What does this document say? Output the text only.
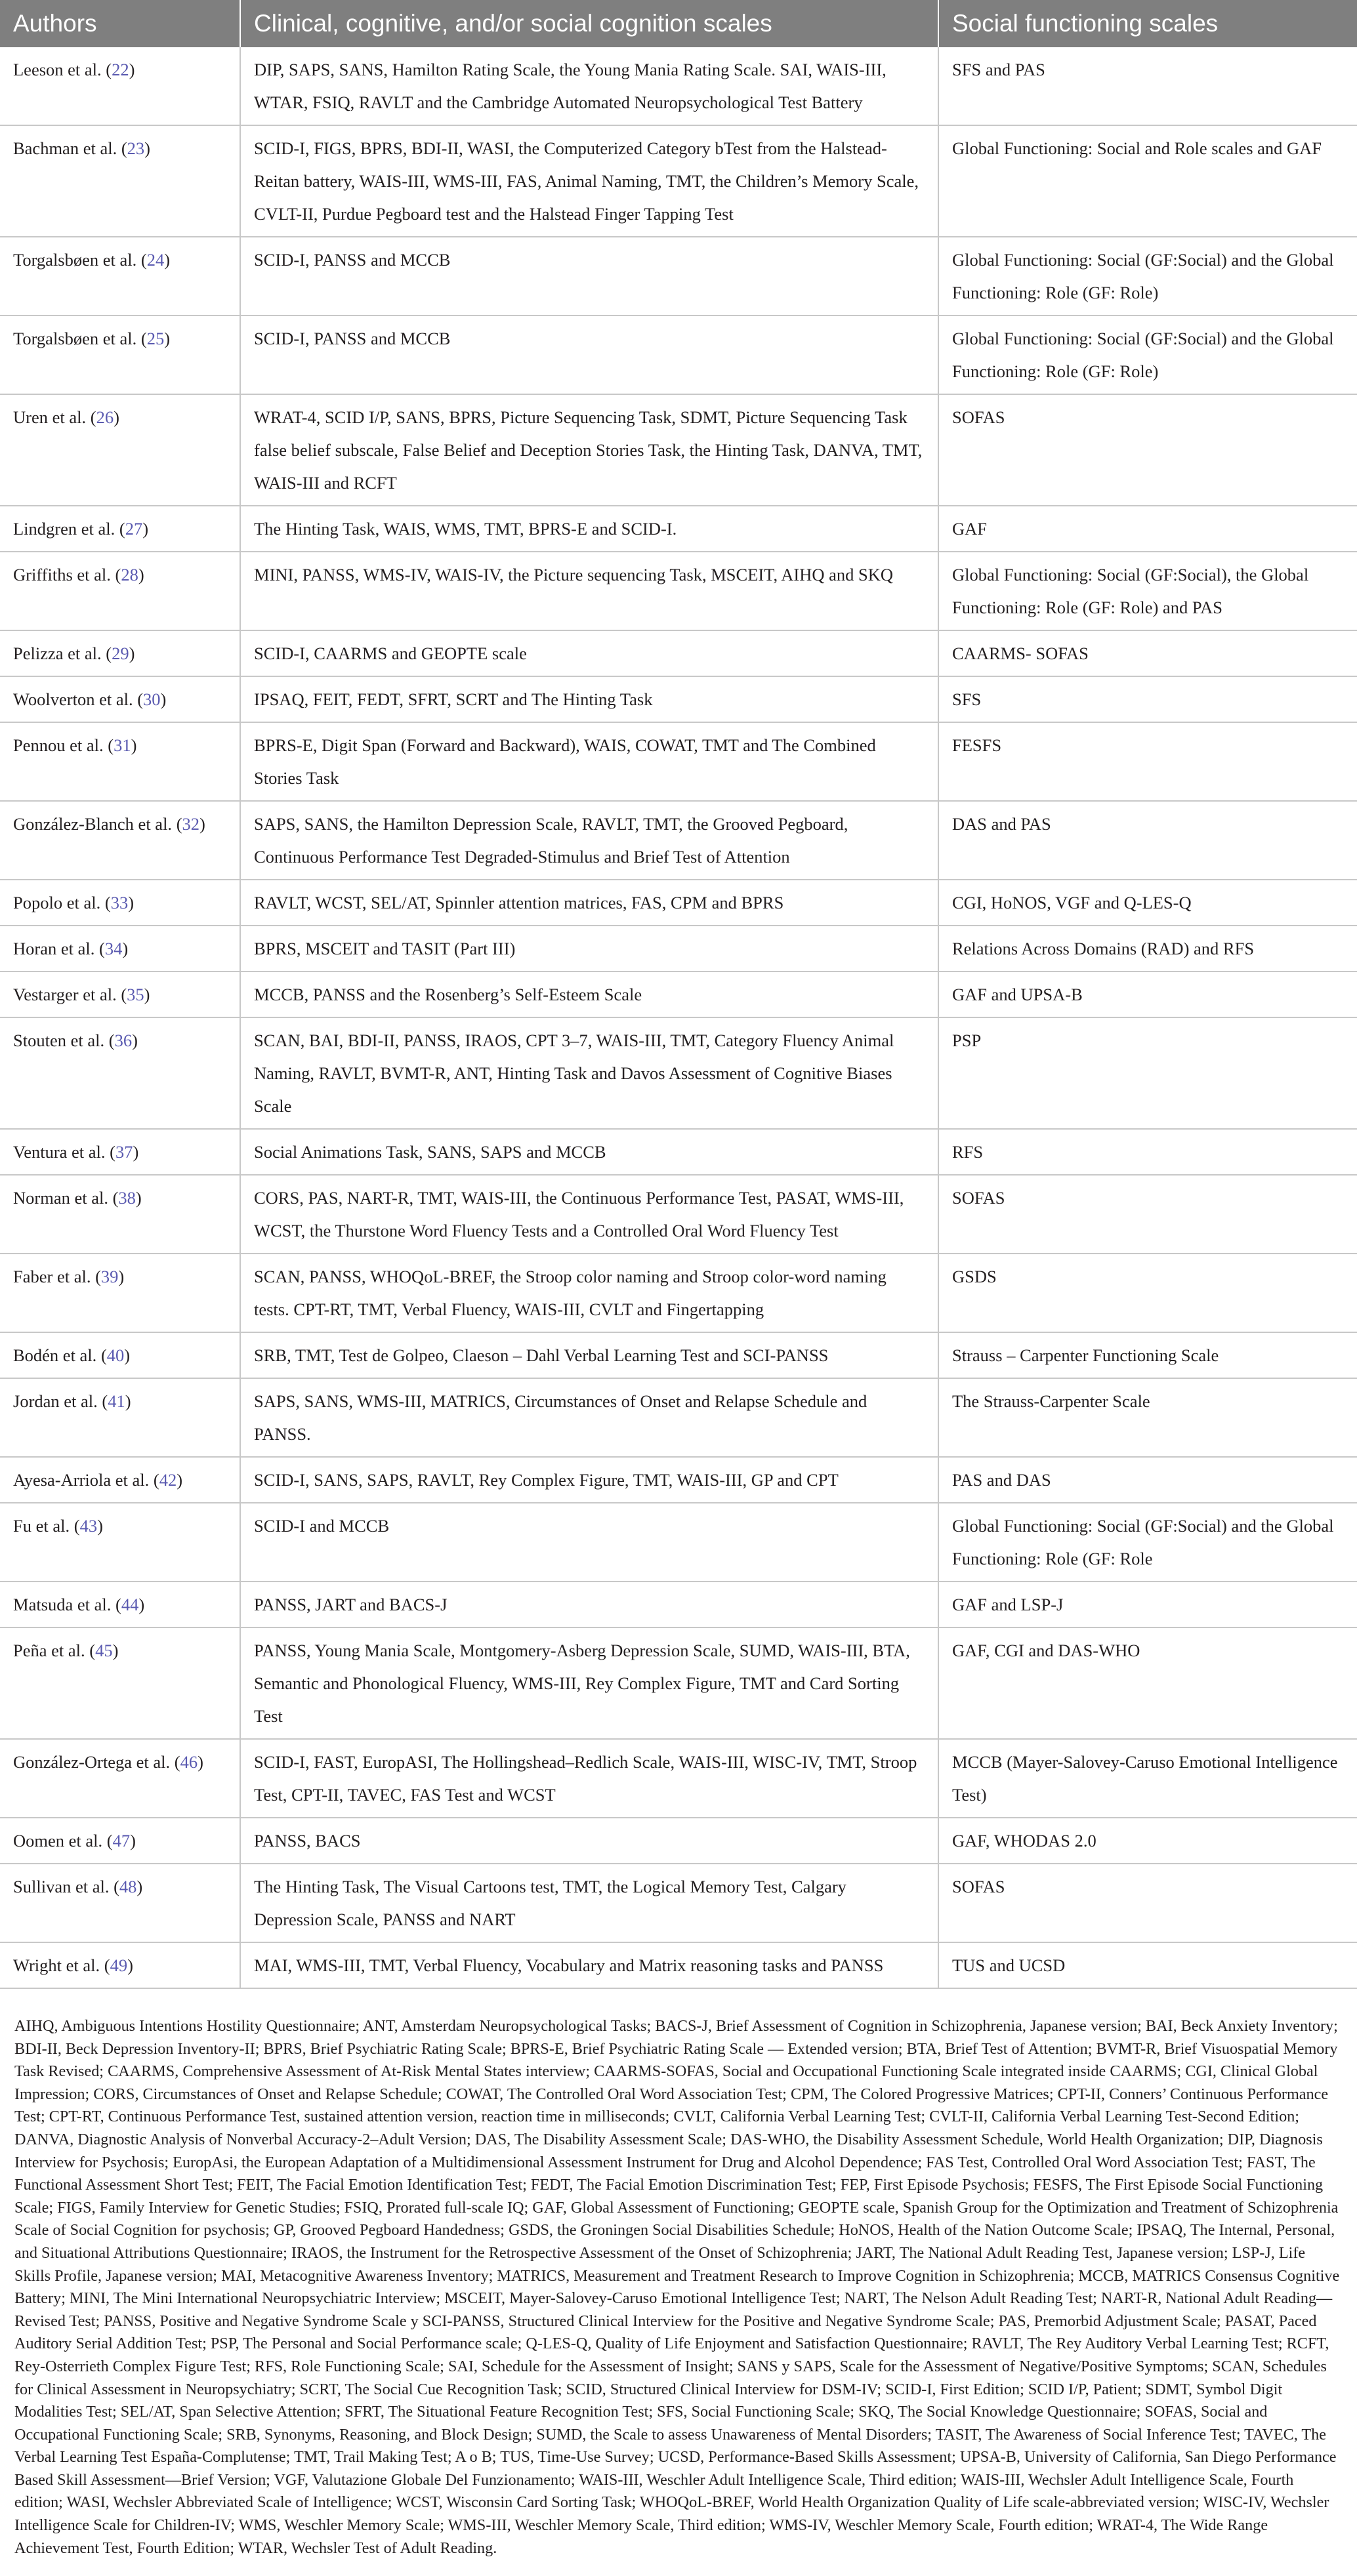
Authors	Clinical, cognitive, and/or social cognition scales	Social functioning scales
Leeson et al. (22)	DIP, SAPS, SANS, Hamilton Rating Scale, the Young Mania Rating Scale. SAI, WAIS-III, WTAR, FSIQ, RAVLT and the Cambridge Automated Neuropsychological Test Battery	SFS and PAS
Bachman et al. (23)	SCID-I, FIGS, BPRS, BDI-II, WASI, the Computerized Category bTest from the Halstead-Reitan battery, WAIS-III, WMS-III, FAS, Animal Naming, TMT, the Children’s Memory Scale, CVLT-II, Purdue Pegboard test and the Halstead Finger Tapping Test	Global Functioning: Social and Role scales and GAF
Torgalsbøen et al. (24)	SCID-I, PANSS and MCCB	Global Functioning: Social (GF:Social) and the Global Functioning: Role (GF: Role)
Torgalsbøen et al. (25)	SCID-I, PANSS and MCCB	Global Functioning: Social (GF:Social) and the Global Functioning: Role (GF: Role)
Uren et al. (26)	WRAT-4, SCID I/P, SANS, BPRS, Picture Sequencing Task, SDMT, Picture Sequencing Task false belief subscale, False Belief and Deception Stories Task, the Hinting Task, DANVA, TMT, WAIS-III and RCFT	SOFAS
Lindgren et al. (27)	The Hinting Task, WAIS, WMS, TMT, BPRS-E and SCID-I.	GAF
Griffiths et al. (28)	MINI, PANSS, WMS-IV, WAIS-IV, the Picture sequencing Task, MSCEIT, AIHQ and SKQ	Global Functioning: Social (GF:Social), the Global Functioning: Role (GF: Role) and PAS
Pelizza et al. (29)	SCID-I, CAARMS and GEOPTE scale	CAARMS- SOFAS
Woolverton et al. (30)	IPSAQ, FEIT, FEDT, SFRT, SCRT and The Hinting Task	SFS
Pennou et al. (31)	BPRS-E, Digit Span (Forward and Backward), WAIS, COWAT, TMT and The Combined Stories Task	FESFS
González-Blanch et al. (32)	SAPS, SANS, the Hamilton Depression Scale, RAVLT, TMT, the Grooved Pegboard, Continuous Performance Test Degraded-Stimulus and Brief Test of Attention	DAS and PAS
Popolo et al. (33)	RAVLT, WCST, SEL/AT, Spinnler attention matrices, FAS, CPM and BPRS	CGI, HoNOS, VGF and Q-LES-Q
Horan et al. (34)	BPRS, MSCEIT and TASIT (Part III)	Relations Across Domains (RAD) and RFS
Vestarger et al. (35)	MCCB, PANSS and the Rosenberg’s Self-Esteem Scale	GAF and UPSA-B
Stouten et al. (36)	SCAN, BAI, BDI-II, PANSS, IRAOS, CPT 3–7, WAIS-III, TMT, Category Fluency Animal Naming, RAVLT, BVMT-R, ANT, Hinting Task and Davos Assessment of Cognitive Biases Scale	PSP
Ventura et al. (37)	Social Animations Task, SANS, SAPS and MCCB	RFS
Norman et al. (38)	CORS, PAS, NART-R, TMT, WAIS-III, the Continuous Performance Test, PASAT, WMS-III, WCST, the Thurstone Word Fluency Tests and a Controlled Oral Word Fluency Test	SOFAS
Faber et al. (39)	SCAN, PANSS, WHOQoL-BREF, the Stroop color naming and Stroop color-word naming tests. CPT-RT, TMT, Verbal Fluency, WAIS-III, CVLT and Fingertapping	GSDS
Bodén et al. (40)	SRB, TMT, Test de Golpeo, Claeson – Dahl Verbal Learning Test and SCI-PANSS	Strauss – Carpenter Functioning Scale
Jordan et al. (41)	SAPS, SANS, WMS-III, MATRICS, Circumstances of Onset and Relapse Schedule and PANSS.	The Strauss-Carpenter Scale
Ayesa-Arriola et al. (42)	SCID-I, SANS, SAPS, RAVLT, Rey Complex Figure, TMT, WAIS-III, GP and CPT	PAS and DAS
Fu et al. (43)	SCID-I and MCCB	Global Functioning: Social (GF:Social) and the Global Functioning: Role (GF: Role
Matsuda et al. (44)	PANSS, JART and BACS-J	GAF and LSP-J
Peña et al. (45)	PANSS, Young Mania Scale, Montgomery-Asberg Depression Scale, SUMD, WAIS-III, BTA, Semantic and Phonological Fluency, WMS-III, Rey Complex Figure, TMT and Card Sorting Test	GAF, CGI and DAS-WHO
González-Ortega et al. (46)	SCID-I, FAST, EuropASI, The Hollingshead–Redlich Scale, WAIS-III, WISC-IV, TMT, Stroop Test, CPT-II, TAVEC, FAS Test and WCST	MCCB (Mayer-Salovey-Caruso Emotional Intelligence Test)
Oomen et al. (47)	PANSS, BACS	GAF, WHODAS 2.0
Sullivan et al. (48)	The Hinting Task, The Visual Cartoons test, TMT, the Logical Memory Test, Calgary Depression Scale, PANSS and NART	SOFAS
Wright et al. (49)	MAI, WMS-III, TMT, Verbal Fluency, Vocabulary and Matrix reasoning tasks and PANSS	TUS and UCSD
AIHQ, Ambiguous Intentions Hostility Questionnaire; ANT, Amsterdam Neuropsychological Tasks; BACS-J, Brief Assessment of Cognition in Schizophrenia, Japanese version; BAI, Beck Anxiety Inventory; BDI-II, Beck Depression Inventory-II; BPRS, Brief Psychiatric Rating Scale; BPRS-E, Brief Psychiatric Rating Scale — Extended version; BTA, Brief Test of Attention; BVMT-R, Brief Visuospatial Memory Task Revised; CAARMS, Comprehensive Assessment of At-Risk Mental States interview; CAARMS-SOFAS, Social and Occupational Functioning Scale integrated inside CAARMS; CGI, Clinical Global Impression; CORS, Circumstances of Onset and Relapse Schedule; COWAT, The Controlled Oral Word Association Test; CPM, The Colored Progressive Matrices; CPT-II, Conners’ Continuous Performance Test; CPT-RT, Continuous Performance Test, sustained attention version, reaction time in milliseconds; CVLT, California Verbal Learning Test; CVLT-II, California Verbal Learning Test-Second Edition; DANVA, Diagnostic Analysis of Nonverbal Accuracy-2–Adult Version; DAS, The Disability Assessment Scale; DAS-WHO, the Disability Assessment Schedule, World Health Organization; DIP, Diagnosis Interview for Psychosis; EuropAsi, the European Adaptation of a Multidimensional Assessment Instrument for Drug and Alcohol Dependence; FAS Test, Controlled Oral Word Association Test; FAST, The Functional Assessment Short Test; FEIT, The Facial Emotion Identification Test; FEDT, The Facial Emotion Discrimination Test; FEP, First Episode Psychosis; FESFS, The First Episode Social Functioning Scale; FIGS, Family Interview for Genetic Studies; FSIQ, Prorated full-scale IQ; GAF, Global Assessment of Functioning; GEOPTE scale, Spanish Group for the Optimization and Treatment of Schizophrenia Scale of Social Cognition for psychosis; GP, Grooved Pegboard Handedness; GSDS, the Groningen Social Disabilities Schedule; HoNOS, Health of the Nation Outcome Scale; IPSAQ, The Internal, Personal, and Situational Attributions Questionnaire; IRAOS, the Instrument for the Retrospective Assessment of the Onset of Schizophrenia; JART, The National Adult Reading Test, Japanese version; LSP-J, Life Skills Profile, Japanese version; MAI, Metacognitive Awareness Inventory; MATRICS, Measurement and Treatment Research to Improve Cognition in Schizophrenia; MCCB, MATRICS Consensus Cognitive Battery; MINI, The Mini International Neuropsychiatric Interview; MSCEIT, Mayer-Salovey-Caruso Emotional Intelligence Test; NART, The Nelson Adult Reading Test; NART-R, National Adult Reading—Revised Test; PANSS, Positive and Negative Syndrome Scale y SCI-PANSS, Structured Clinical Interview for the Positive and Negative Syndrome Scale; PAS, Premorbid Adjustment Scale; PASAT, Paced Auditory Serial Addition Test; PSP, The Personal and Social Performance scale; Q-LES-Q, Quality of Life Enjoyment and Satisfaction Questionnaire; RAVLT, The Rey Auditory Verbal Learning Test; RCFT, Rey-Osterrieth Complex Figure Test; RFS, Role Functioning Scale; SAI, Schedule for the Assessment of Insight; SANS y SAPS, Scale for the Assessment of Negative/Positive Symptoms; SCAN, Schedules for Clinical Assessment in Neuropsychiatry; SCRT, The Social Cue Recognition Task; SCID, Structured Clinical Interview for DSM-IV; SCID-I, First Edition; SCID I/P, Patient; SDMT, Symbol Digit Modalities Test; SEL/AT, Span Selective Attention; SFRT, The Situational Feature Recognition Test; SFS, Social Functioning Scale; SKQ, The Social Knowledge Questionnaire; SOFAS, Social and Occupational Functioning Scale; SRB, Synonyms, Reasoning, and Block Design; SUMD, the Scale to assess Unawareness of Mental Disorders; TASIT, The Awareness of Social Inference Test; TAVEC, The Verbal Learning Test España-Complutense; TMT, Trail Making Test; A o B; TUS, Time-Use Survey; UCSD, Performance-Based Skills Assessment; UPSA-B, University of California, San Diego Performance Based Skill Assessment—Brief Version; VGF, Valutazione Globale Del Funzionamento; WAIS-III, Weschler Adult Intelligence Scale, Third edition; WAIS-III, Wechsler Adult Intelligence Scale, Fourth edition; WASI, Wechsler Abbreviated Scale of Intelligence; WCST, Wisconsin Card Sorting Task; WHOQoL-BREF, World Health Organization Quality of Life scale-abbreviated version; WISC-IV, Wechsler Intelligence Scale for Children-IV; WMS, Weschler Memory Scale; WMS-III, Weschler Memory Scale, Third edition; WMS-IV, Weschler Memory Scale, Fourth edition; WRAT-4, The Wide Range Achievement Test, Fourth Edition; WTAR, Wechsler Test of Adult Reading.
